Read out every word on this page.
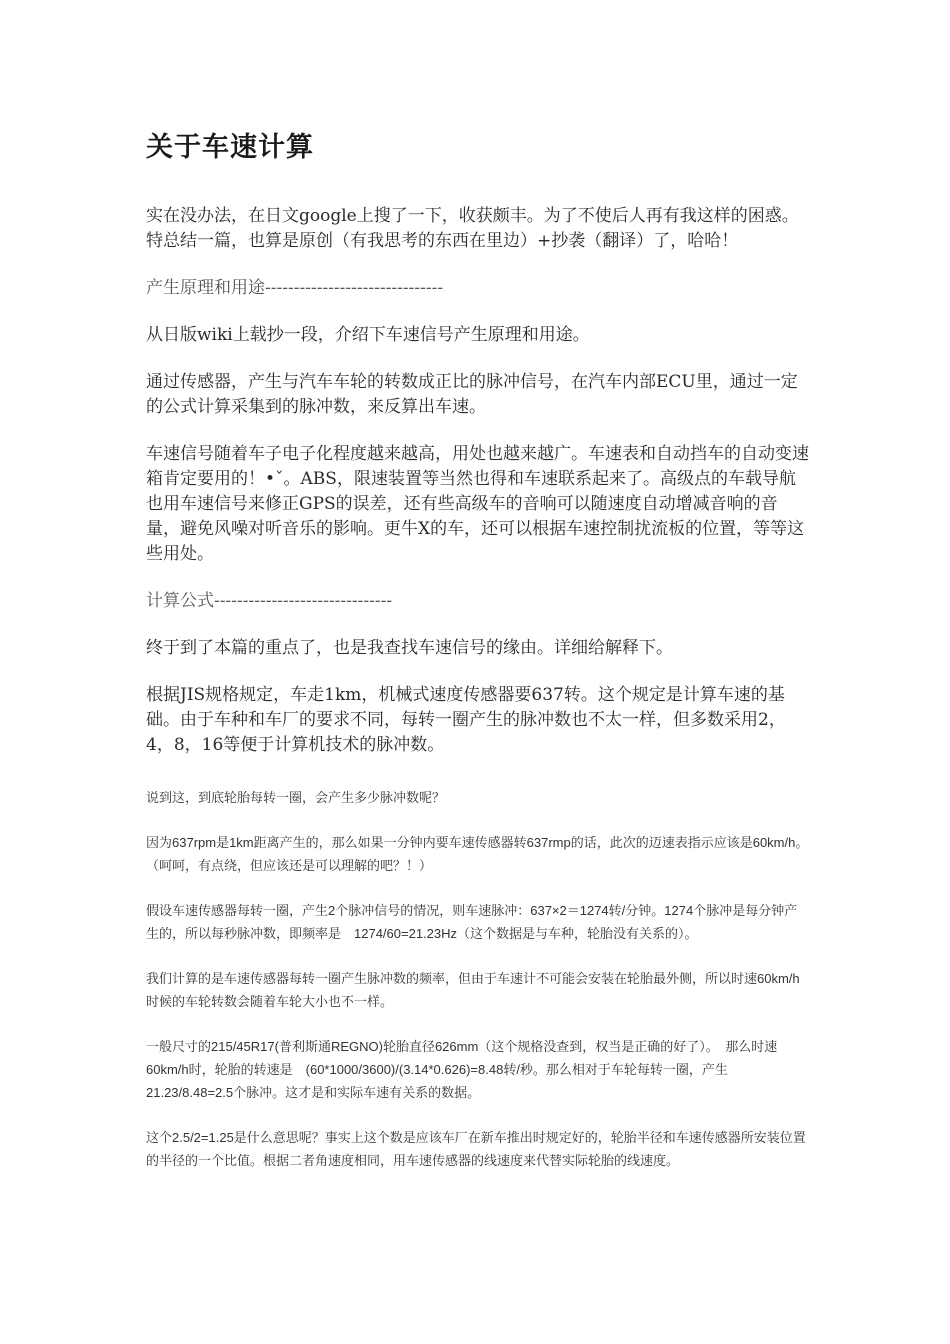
关于车速计算

实在没办法，在日文google上搜了一下，收获颇丰。为了不使后人再有我这样的困惑。特总结一篇，也算是原创（有我思考的东西在里边）+抄袭（翻译）了，哈哈！

产生原理和用途-------------------------------

从日版wiki上载抄一段，介绍下车速信号产生原理和用途。

通过传感器，产生与汽车车轮的转数成正比的脉冲信号，在汽车内部ECU里，通过一定的公式计算采集到的脉冲数，来反算出车速。

车速信号随着车子电子化程度越来越高，用处也越来越广。车速表和自动挡车的自动变速箱肯定要用的！•ˇ。ABS，限速装置等当然也得和车速联系起来了。高级点的车载导航也用车速信号来修正GPS的误差，还有些高级车的音响可以随速度自动增减音响的音量，避免风噪对听音乐的影响。更牛X的车，还可以根据车速控制扰流板的位置，等等这些用处。

计算公式-------------------------------

终于到了本篇的重点了，也是我查找车速信号的缘由。详细给解释下。

根据JIS规格规定，车走1km，机械式速度传感器要637转。这个规定是计算车速的基础。由于车种和车厂的要求不同，每转一圈产生的脉冲数也不太一样，但多数采用2，4，8，16等便于计算机技术的脉冲数。

说到这，到底轮胎每转一圈，会产生多少脉冲数呢？

因为637rpm是1km距离产生的，那么如果一分钟内要车速传感器转637rmp的话，此次的迈速表指示应该是60km/h。 （呵呵，有点绕，但应该还是可以理解的吧？！）

假设车速传感器每转一圈，产生2个脉冲信号的情况，则车速脉冲：637×2＝1274转/分钟。1274个脉冲是每分钟产生的，所以每秒脉冲数，即频率是　1274/60=21.23Hz（这个数据是与车种，轮胎没有关系的）。

我们计算的是车速传感器每转一圈产生脉冲数的频率，但由于车速计不可能会安装在轮胎最外侧，所以时速60km/h时候的车轮转数会随着车轮大小也不一样。

一般尺寸的215/45R17(普利斯通REGNO)轮胎直径626mm（这个规格没查到，权当是正确的好了）。　那么时速60km/h时，轮胎的转速是　(60*1000/3600)/(3.14*0.626)=8.48转/秒。那么相对于车轮每转一圈，产生　21.23/8.48=2.5个脉冲。这才是和实际车速有关系的数据。

这个2.5/2=1.25是什么意思呢？事实上这个数是应该车厂在新车推出时规定好的，轮胎半径和车速传感器所安装位置的半径的一个比值。根据二者角速度相同，用车速传感器的线速度来代替实际轮胎的线速度。
